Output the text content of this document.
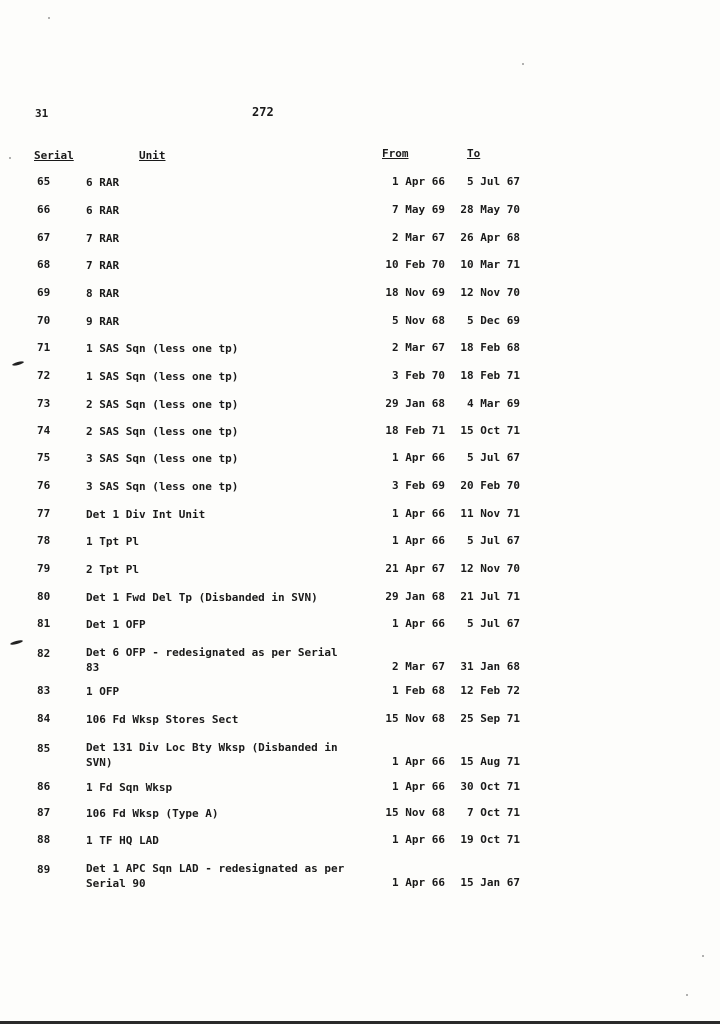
31	272
Serial	Unit	From	To
65	6 RAR	1 Apr 66	5 Jul 67
66	6 RAR	7 May 69	28 May 70
67	7 RAR	2 Mar 67	26 Apr 68
68	7 RAR	10 Feb 70	10 Mar 71
69	8 RAR	18 Nov 69	12 Nov 70
70	9 RAR	5 Nov 68	5 Dec 69
71	1 SAS Sqn (less one tp)	2 Mar 67	18 Feb 68
72	1 SAS Sqn (less one tp)	3 Feb 70	18 Feb 71
73	2 SAS Sqn (less one tp)	29 Jan 68	4 Mar 69
74	2 SAS Sqn (less one tp)	18 Feb 71	15 Oct 71
75	3 SAS Sqn (less one tp)	1 Apr 66	5 Jul 67
76	3 SAS Sqn (less one tp)	3 Feb 69	20 Feb 70
77	Det 1 Div Int Unit	1 Apr 66	11 Nov 71
78	1 Tpt Pl	1 Apr 66	5 Jul 67
79	2 Tpt Pl	21 Apr 67	12 Nov 70
80	Det 1 Fwd Del Tp (Disbanded in SVN)	29 Jan 68	21 Jul 71
81	Det 1 OFP	1 Apr 66	5 Jul 67
82	Det 6 OFP - redesignated as per Serial 83	2 Mar 67	31 Jan 68
83	1 OFP	1 Feb 68	12 Feb 72
84	106 Fd Wksp Stores Sect	15 Nov 68	25 Sep 71
85	Det 131 Div Loc Bty Wksp (Disbanded in SVN)	1 Apr 66	15 Aug 71
86	1 Fd Sqn Wksp	1 Apr 66	30 Oct 71
87	106 Fd Wksp (Type A)	15 Nov 68	7 Oct 71
88	1 TF HQ LAD	1 Apr 66	19 Oct 71
89	Det 1 APC Sqn LAD - redesignated as per Serial 90	1 Apr 66	15 Jan 67
